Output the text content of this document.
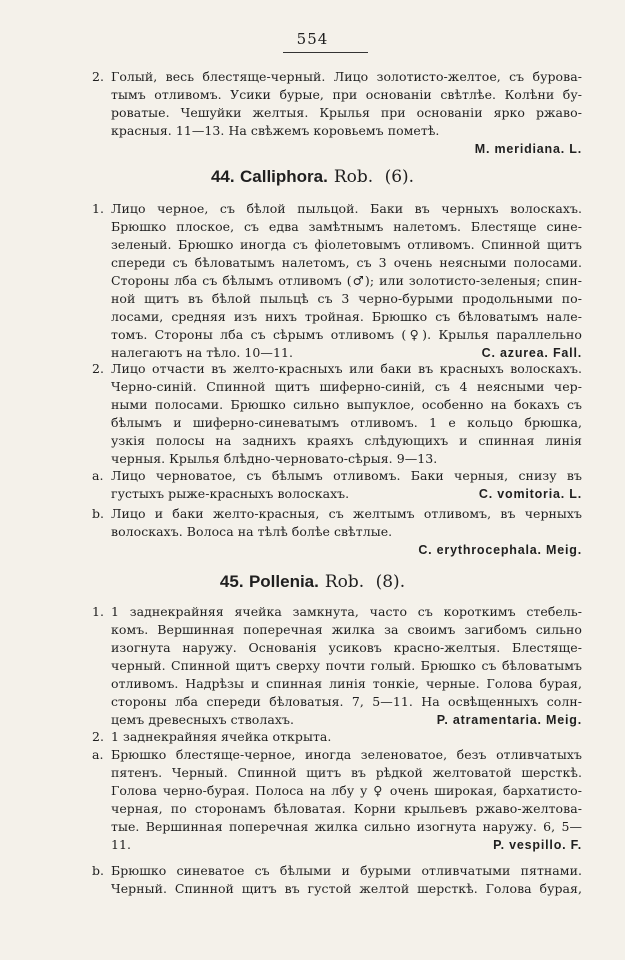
554
2. Голый, весь блестяще-черный. Лицо золотисто-желтое, съ бурова-
тымъ отливомъ. Усики бурые, при основанiи свѣтлѣе. Колѣни бу-
роватые. Чешуйки желтыя. Крылья при основанiи ярко ржаво-
красныя. 11—13. На свѣжемъ коровьемъ пометѣ.
M. meridiana. L.
44. Calliphora. Rob. (6).
1. Лицо черное, съ бѣлой пыльцой. Баки въ черныхъ волоскахъ.
Брюшко плоское, съ едва замѣтнымъ налетомъ. Блестяще сине-
зеленый. Брюшко иногда съ фiолетовымъ отливомъ. Спинной щитъ
спереди съ бѣловатымъ налетомъ, съ 3 очень неясными полосами.
Стороны лба съ бѣлымъ отливомъ (♂); или золотисто-зеленыя; спин-
ной щитъ въ бѣлой пыльцѣ съ 3 черно-бурыми продольными по-
лосами, средняя изъ нихъ тройная. Брюшко съ бѣловатымъ нале-
томъ. Стороны лба съ сѣрымъ отливомъ (♀). Крылья параллельно
налегаютъ на тѣло. 10—11.	C. azurea. Fall.
2. Лицо отчасти въ желто-красныхъ или баки въ красныхъ волоскахъ.
Черно-синiй. Спинной щитъ шиферно-синiй, съ 4 неясными чер-
ными полосами. Брюшко сильно выпуклое, особенно на бокахъ съ
бѣлымъ и шиферно-синеватымъ отливомъ. 1 е кольцо брюшка,
узкiя полосы на заднихъ краяхъ слѣдующихъ и спинная линiя
черныя. Крылья блѣдно-черновато-сѣрыя. 9—13.
a. Лицо черноватое, съ бѣлымъ отливомъ. Баки черныя, снизу въ
густыхъ рыже-красныхъ волоскахъ.	C. vomitoria. L.
b. Лицо и баки желто-красныя, съ желтымъ отливомъ, въ черныхъ
волоскахъ. Волоса на тѣлѣ болѣе свѣтлые.
C. erythrocephala. Meig.
45. Pollenia. Rob. (8).
1. 1 заднекрайняя ячейка замкнута, часто съ короткимъ стебель-
комъ. Вершинная поперечная жилка за своимъ загибомъ сильно
изогнута наружу. Основанiя усиковъ красно-желтыя. Блестяще-
черный. Спинной щитъ сверху почти голый. Брюшко съ бѣловатымъ
отливомъ. Надрѣзы и спинная линiя тонкiе, черные. Голова бурая,
стороны лба спереди бѣловатыя. 7, 5—11. На освѣщенныхъ солн-
цемъ древесныхъ стволахъ.	P. atramentaria. Meig.
2. 1 заднекрайняя ячейка открыта.
a. Брюшко блестяще-черное, иногда зеленоватое, безъ отливчатыхъ
пятенъ. Черный. Спинной щитъ въ рѣдкой желтоватой шерсткѣ.
Голова черно-бурая. Полоса на лбу у ♀ очень широкая, бархатисто-
черная, по сторонамъ бѣловатая. Корни крыльевъ ржаво-желтова-
тые. Вершинная поперечная жилка сильно изогнута наружу. 6, 5—
11.	P. vespillo. F.
b. Брюшко синеватое съ бѣлыми и бурыми отливчатыми пятнами.
Черный. Спинной щитъ въ густой желтой шерсткѣ. Голова бурая,
